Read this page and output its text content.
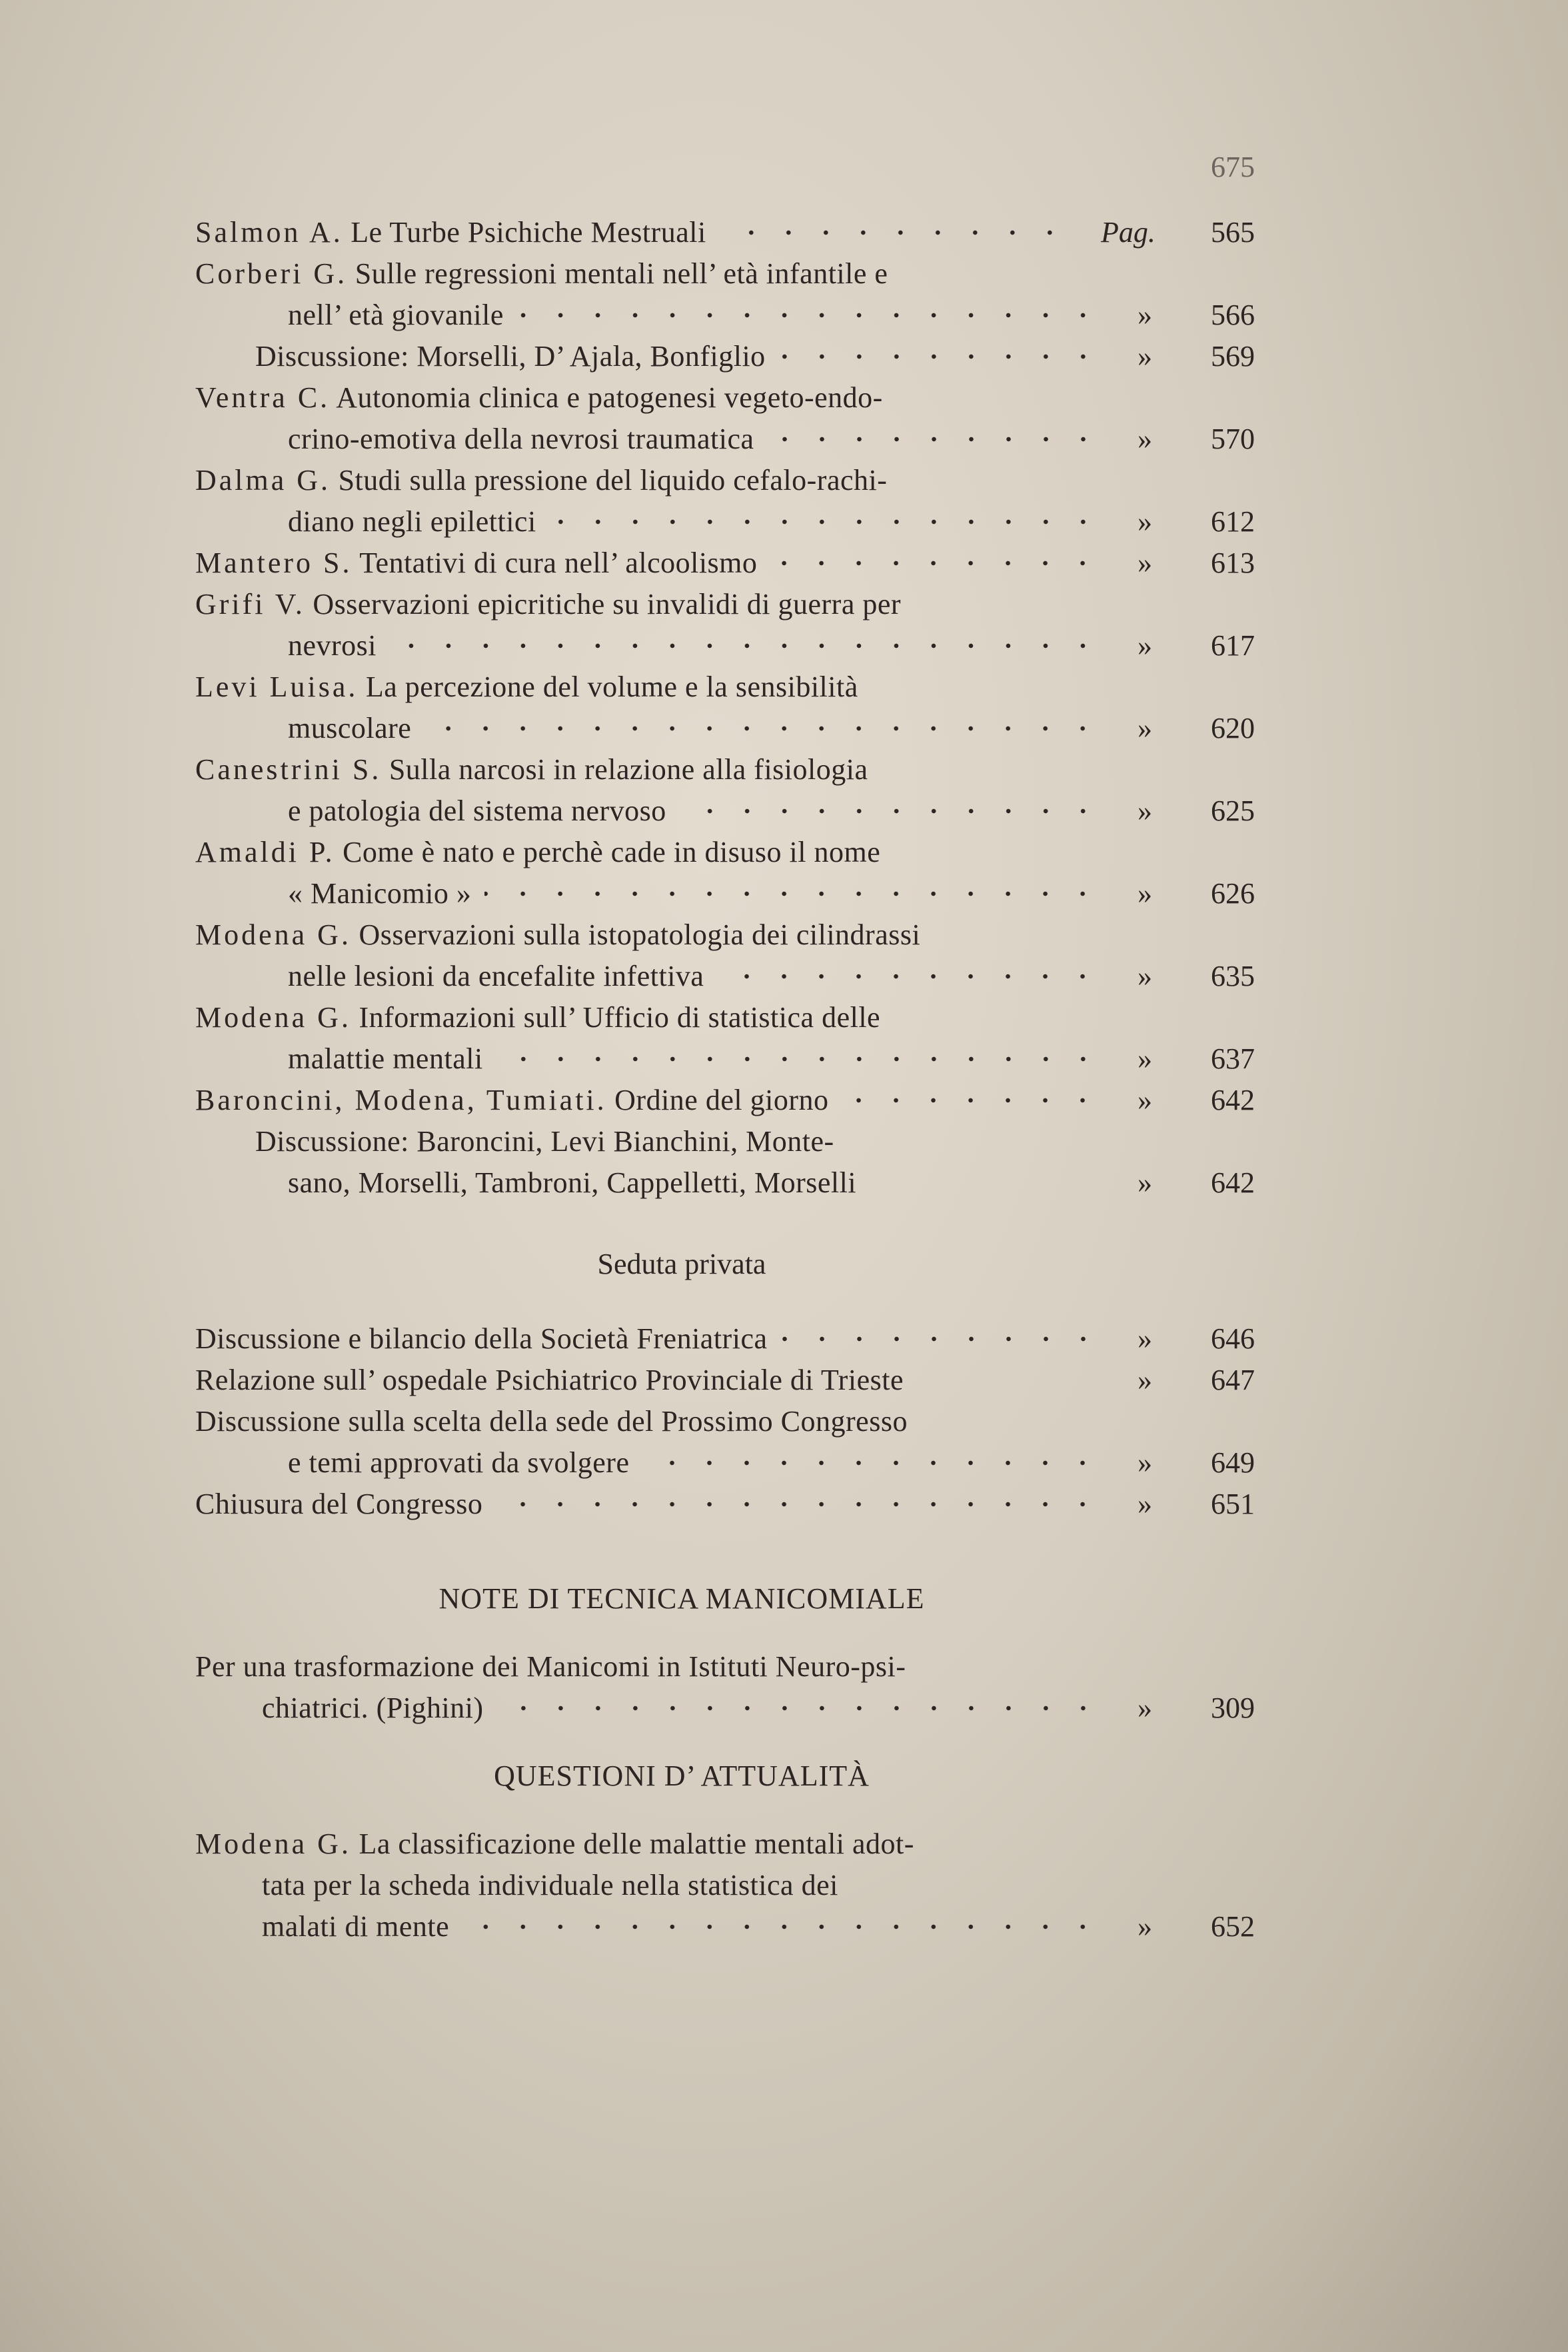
675
Salmon A. Le Turbe Psichiche Mestruali	Pag.	565
Corberi G. Sulle regressioni mentali nell’ età infantile e
nell’ età giovanile	»	566
Discussione: Morselli, D’ Ajala, Bonfiglio	»	569
Ventra C. Autonomia clinica e patogenesi vegeto-endo-
crino-emotiva della nevrosi traumatica	»	570
Dalma G. Studi sulla pressione del liquido cefalo-rachi-
diano negli epilettici	»	612
Mantero S. Tentativi di cura nell’ alcoolismo	»	613
Grifi V. Osservazioni epicritiche su invalidi di guerra per
nevrosi	»	617
Levi Luisa. La percezione del volume e la sensibilità
muscolare	»	620
Canestrini S. Sulla narcosi in relazione alla fisiologia
e patologia del sistema nervoso	»	625
Amaldi P. Come è nato e perchè cade in disuso il nome
« Manicomio »	»	626
Modena G. Osservazioni sulla istopatologia dei cilindrassi
nelle lesioni da encefalite infettiva	»	635
Modena G. Informazioni sull’ Ufficio di statistica delle
malattie mentali	»	637
Baroncini, Modena, Tumiati. Ordine del giorno	»	642
Discussione: Baroncini, Levi Bianchini, Monte-
sano, Morselli, Tambroni, Cappelletti, Morselli	»	642
Seduta privata
Discussione e bilancio della Società Freniatrica	»	646
Relazione sull’ ospedale Psichiatrico Provinciale di Trieste	»	647
Discussione sulla scelta della sede del Prossimo Congresso
e temi approvati da svolgere	»	649
Chiusura del Congresso	»	651
NOTE DI TECNICA MANICOMIALE
Per una trasformazione dei Manicomi in Istituti Neuro-psi-
chiatrici. (Pighini)	»	309
QUESTIONI D’ ATTUALITÀ
Modena G. La classificazione delle malattie mentali adot-
tata per la scheda individuale nella statistica dei
malati di mente	»	652
